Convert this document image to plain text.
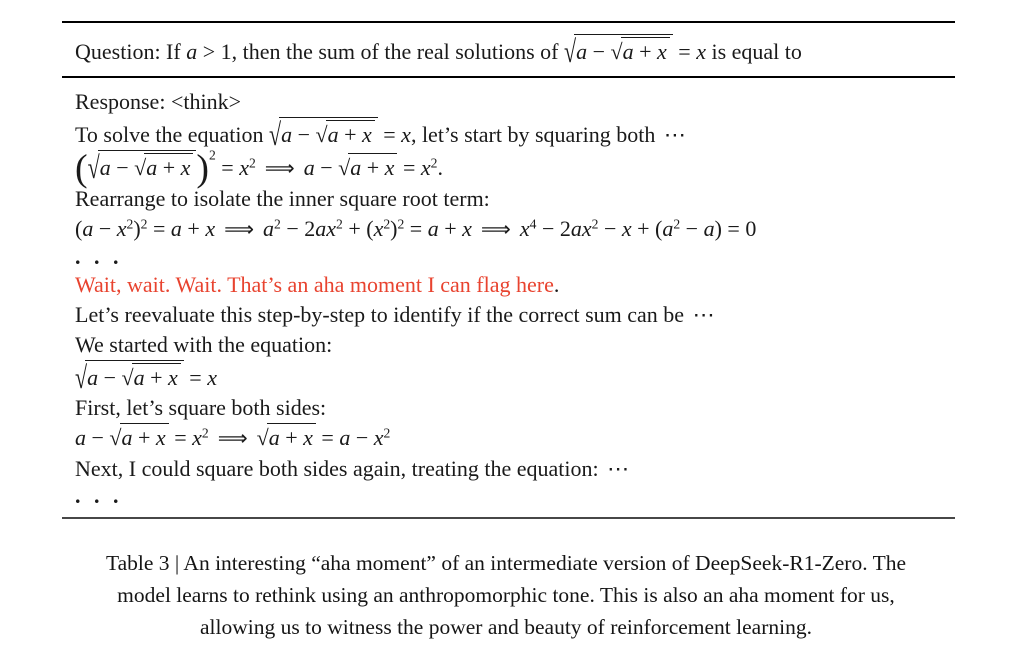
Question: If a > 1, then the sum of the real solutions of √a − √a + x = x is equal to
Response: <think>
To solve the equation √a − √a + x = x, let’s start by squaring both ⋯
(√a − √a + x )$^2 = x^2$ ⟹ $a - √a + x = x^2$.
Rearrange to isolate the inner square root term:
$(a - x^2)^2 = a + x$ ⟹ $a^2 - 2ax^2 + (x^2)^2 = a + x$ ⟹ $x^4 - 2ax^2 - x + (a^2 - a) = 0$
. . .
Wait, wait. Wait. That’s an aha moment I can flag here.
Let’s reevaluate this step-by-step to identify if the correct sum can be ⋯
We started with the equation:
√a − √a + x = x
First, let’s square both sides:
$a - √a + x = x^2$ ⟹ $√a + x = a - x^2$
Next, I could square both sides again, treating the equation: ⋯
. . .
Table 3 | An interesting “aha moment” of an intermediate version of DeepSeek-R1-Zero. The
model learns to rethink using an anthropomorphic tone. This is also an aha moment for us,
allowing us to witness the power and beauty of reinforcement learning.
